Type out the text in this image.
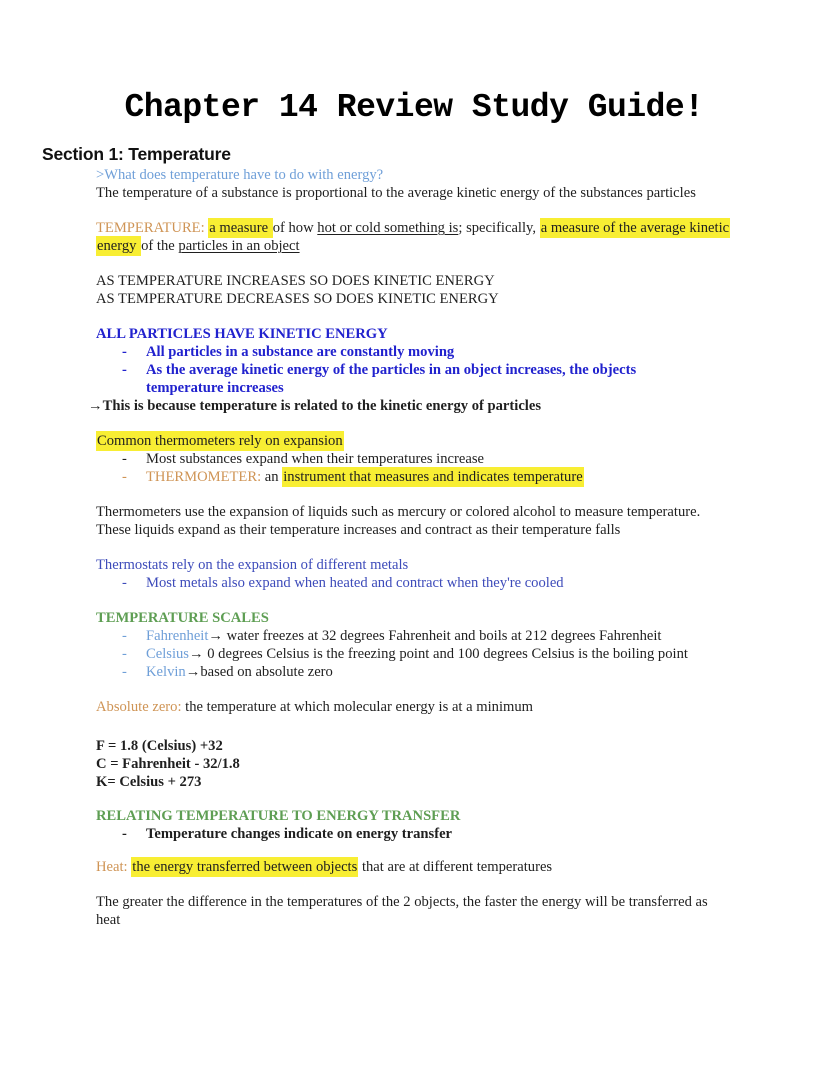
Chapter 14 Review Study Guide!
Section 1: Temperature
>What does temperature have to do with energy?
The temperature of a substance is proportional to the average kinetic energy of the substances particles
TEMPERATURE: a measure of how hot or cold something is; specifically, a measure of the average kinetic
energy of the particles in an object
AS TEMPERATURE INCREASES SO DOES KINETIC ENERGY
AS TEMPERATURE DECREASES SO DOES KINETIC ENERGY
ALL PARTICLES HAVE KINETIC ENERGY
- All particles in a substance are constantly moving
- As the average kinetic energy of the particles in an object increases, the objects
temperature increases
→This is because temperature is related to the kinetic energy of particles
Common thermometers rely on expansion
- Most substances expand when their temperatures increase
- THERMOMETER: an instrument that measures and indicates temperature
Thermometers use the expansion of liquids such as mercury or colored alcohol to measure temperature.
These liquids expand as their temperature increases and contract as their temperature falls
Thermostats rely on the expansion of different metals
- Most metals also expand when heated and contract when they're cooled
TEMPERATURE SCALES
- Fahrenheit→ water freezes at 32 degrees Fahrenheit and boils at 212 degrees Fahrenheit
- Celsius→ 0 degrees Celsius is the freezing point and 100 degrees Celsius is the boiling point
- Kelvin→based on absolute zero
Absolute zero: the temperature at which molecular energy is at a minimum
F = 1.8 (Celsius) +32
C = Fahrenheit - 32/1.8
K= Celsius + 273
RELATING TEMPERATURE TO ENERGY TRANSFER
- Temperature changes indicate on energy transfer
Heat: the energy transferred between objects that are at different temperatures
The greater the difference in the temperatures of the 2 objects, the faster the energy will be transferred as
heat
